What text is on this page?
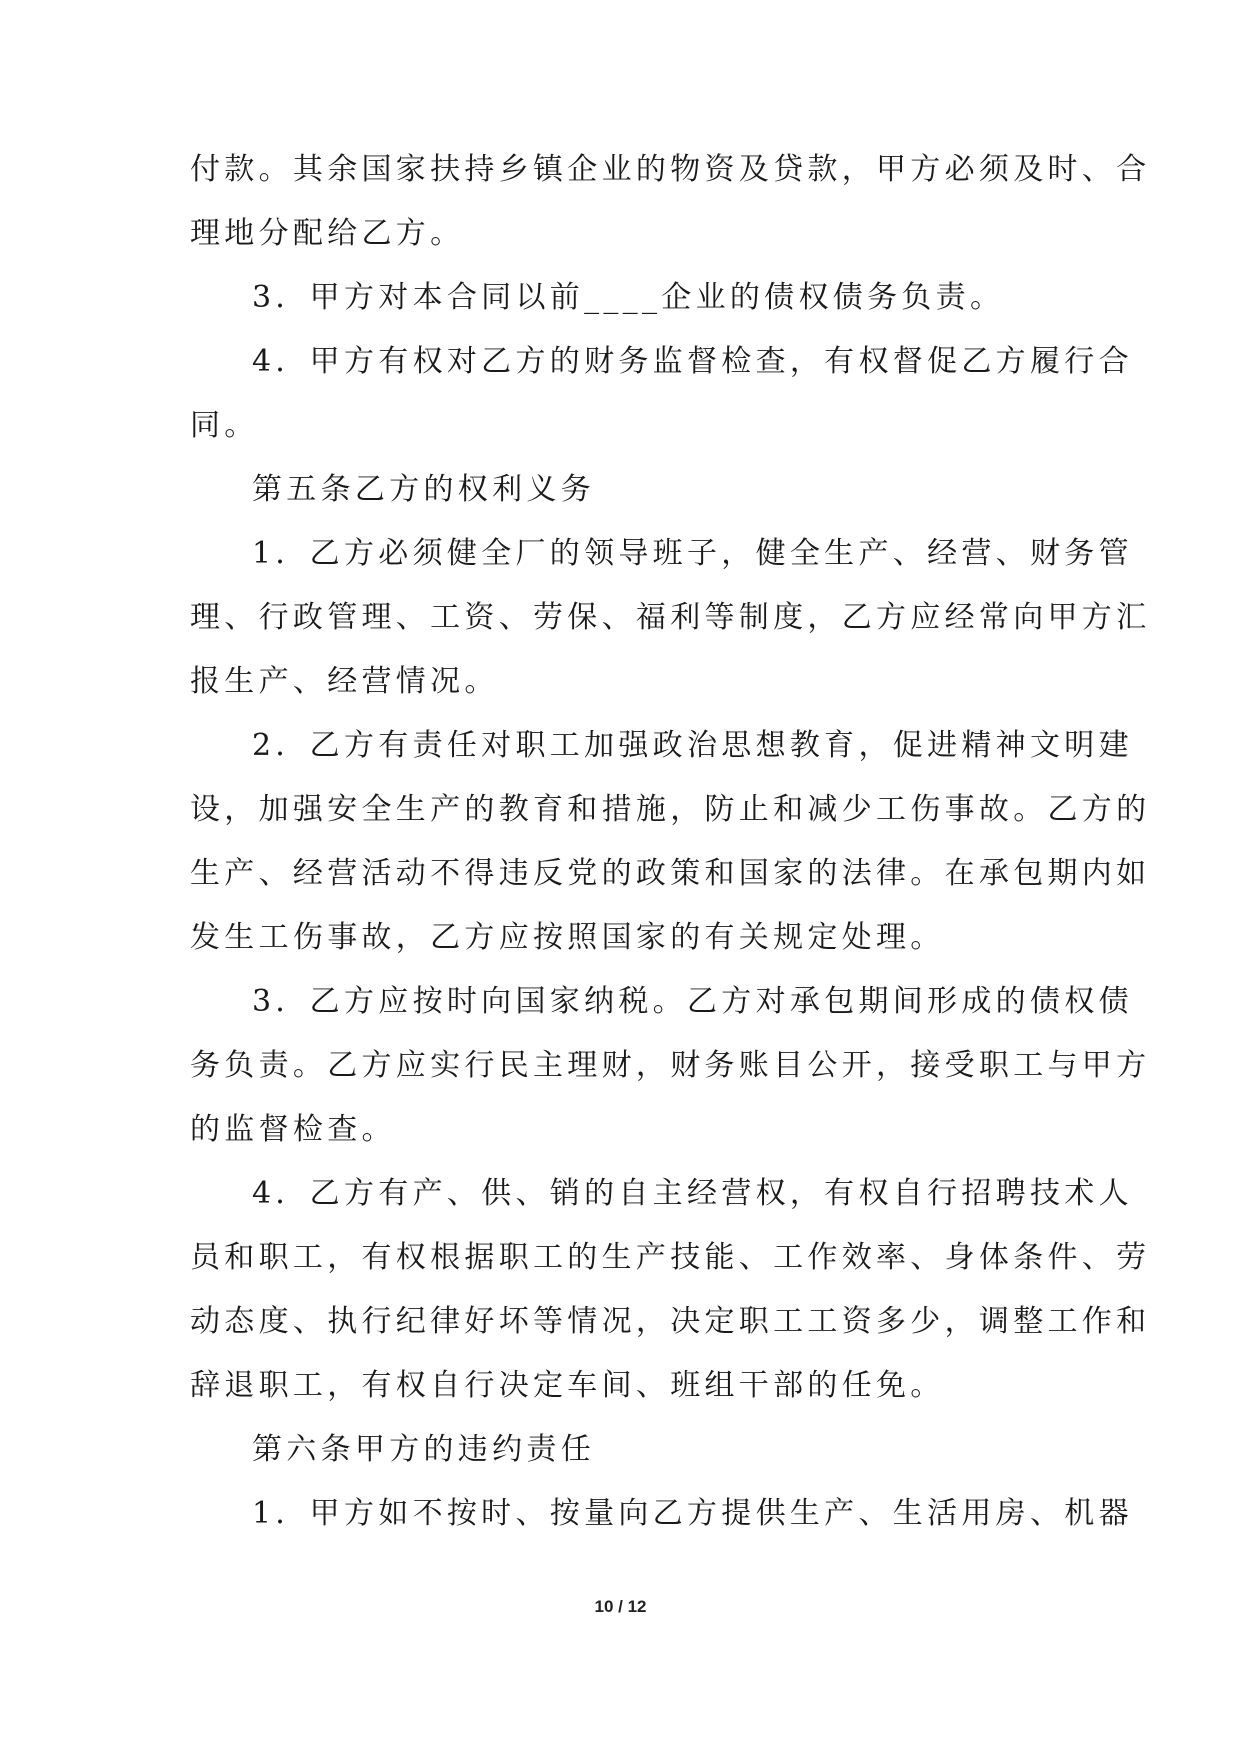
付款。其余国家扶持乡镇企业的物资及贷款，甲方必须及时、合
理地分配给乙方。
3．甲方对本合同以前____企业的债权债务负责。
4．甲方有权对乙方的财务监督检查，有权督促乙方履行合
同。
第五条乙方的权利义务
1．乙方必须健全厂的领导班子，健全生产、经营、财务管
理、行政管理、工资、劳保、福利等制度，乙方应经常向甲方汇
报生产、经营情况。
2．乙方有责任对职工加强政治思想教育，促进精神文明建
设，加强安全生产的教育和措施，防止和减少工伤事故。乙方的
生产、经营活动不得违反党的政策和国家的法律。在承包期内如
发生工伤事故，乙方应按照国家的有关规定处理。
3．乙方应按时向国家纳税。乙方对承包期间形成的债权债
务负责。乙方应实行民主理财，财务账目公开，接受职工与甲方
的监督检查。
4．乙方有产、供、销的自主经营权，有权自行招聘技术人
员和职工，有权根据职工的生产技能、工作效率、身体条件、劳
动态度、执行纪律好坏等情况，决定职工工资多少，调整工作和
辞退职工，有权自行决定车间、班组干部的任免。
第六条甲方的违约责任
1．甲方如不按时、按量向乙方提供生产、生活用房、机器
10 / 12
